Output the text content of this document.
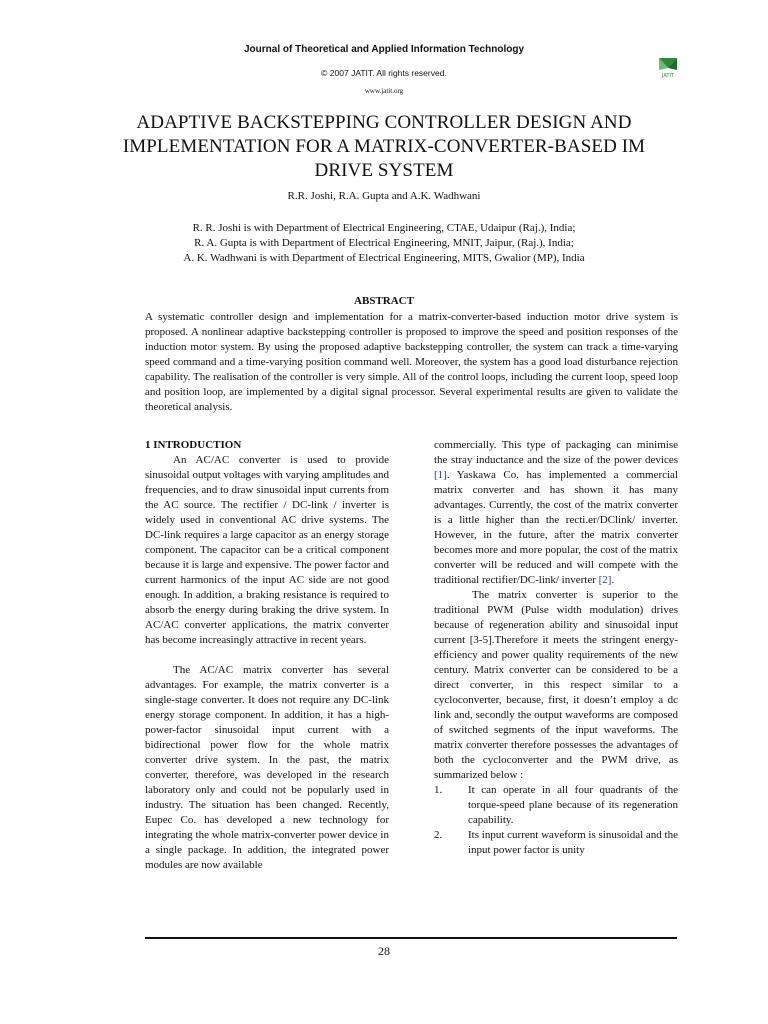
Journal of Theoretical and Applied Information Technology
© 2007 JATIT. All rights reserved.
www.jatit.org
JATIT
ADAPTIVE BACKSTEPPING CONTROLLER DESIGN AND IMPLEMENTATION FOR A MATRIX-CONVERTER-BASED IM DRIVE SYSTEM
R.R. Joshi, R.A. Gupta and A.K. Wadhwani
R. R. Joshi is with Department of Electrical Engineering, CTAE, Udaipur (Raj.), India;
R. A. Gupta is with Department of Electrical Engineering, MNIT, Jaipur, (Raj.), India;
A. K. Wadhwani is with Department of Electrical Engineering, MITS, Gwalior (MP), India
ABSTRACT
A systematic controller design and implementation for a matrix-converter-based induction motor drive system is proposed. A nonlinear adaptive backstepping controller is proposed to improve the speed and position responses of the induction motor system. By using the proposed adaptive backstepping controller, the system can track a time-varying speed command and a time-varying position command well. Moreover, the system has a good load disturbance rejection capability. The realisation of the controller is very simple. All of the control loops, including the current loop, speed loop and position loop, are implemented by a digital signal processor. Several experimental results are given to validate the theoretical analysis.

1 INTRODUCTION

An AC/AC converter is used to provide sinusoidal output voltages with varying amplitudes and frequencies, and to draw sinusoidal input currents from the AC source. The rectifier / DC-link / inverter is widely used in conventional AC drive systems. The DC-link requires a large capacitor as an energy storage component. The capacitor can be a critical component because it is large and expensive. The power factor and current harmonics of the input AC side are not good enough. In addition, a braking resistance is required to absorb the energy during braking the drive system. In AC/AC converter applications, the matrix converter has become increasingly attractive in recent years.

The AC/AC matrix converter has several advantages. For example, the matrix converter is a single-stage converter. It does not require any DC-link energy storage component. In addition, it has a high-power-factor sinusoidal input current with a bidirectional power flow for the whole matrix converter drive system. In the past, the matrix converter, therefore, was developed in the research laboratory only and could not be popularly used in industry. The situation has been changed. Recently, Eupec Co. has developed a new technology for integrating the whole matrix-converter power device in a single package. In addition, the integrated power modules are now available

commercially. This type of packaging can minimise the stray inductance and the size of the power devices [1]. Yaskawa Co. has implemented a commercial matrix converter and has shown it has many advantages. Currently, the cost of the matrix converter is a little higher than the recti.er/DClink/ inverter. However, in the future, after the matrix converter becomes more and more popular, the cost of the matrix converter will be reduced and will compete with the traditional rectifier/DC-link/ inverter [2].

The matrix converter is superior to the traditional PWM (Pulse width modulation) drives because of regeneration ability and sinusoidal input current [3-5].Therefore it meets the stringent energy-efficiency and power quality requirements of the new century. Matrix converter can be considered to be a direct converter, in this respect similar to a cycloconverter, because, first, it doesn’t employ a dc link and, secondly the output waveforms are composed of switched segments of the input waveforms. The matrix converter therefore possesses the advantages of both the cycloconverter and the PWM drive, as summarized below :

1.	It can operate in all four quadrants of the torque-speed plane because of its regeneration capability.
2.	Its input current waveform is sinusoidal and the input power factor is unity
28
